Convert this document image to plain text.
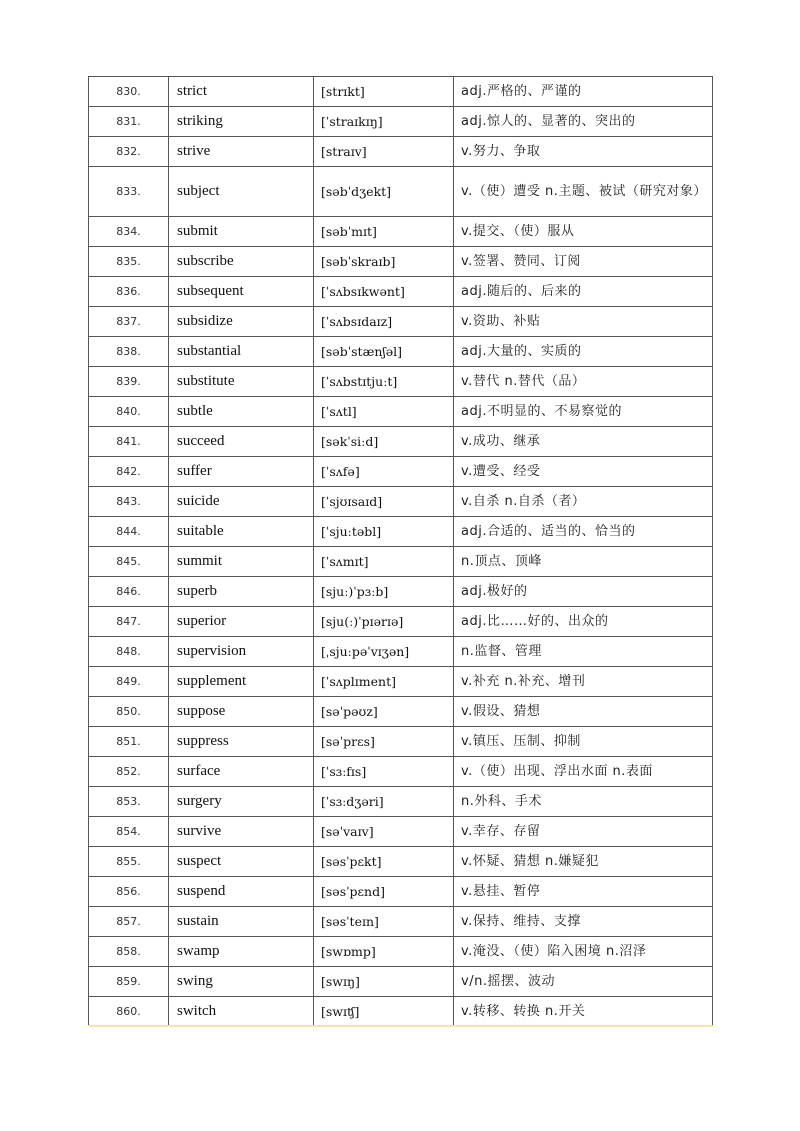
830.	strict	[strɪkt]	adj.严格的、严谨的
831.	striking	[ˈstraɪkɪŋ]	adj.惊人的、显著的、突出的
832.	strive	[straɪv]	v.努力、争取
833.	subject	[səbˈdʒekt]	v.（使）遭受 n.主题、被试（研究对象）
834.	submit	[səbˈmɪt]	v.提交、（使）服从
835.	subscribe	[səbˈskraɪb]	v.签署、赞同、订阅
836.	subsequent	[ˈsʌbsɪkwənt]	adj.随后的、后来的
837.	subsidize	[ˈsʌbsɪdaɪz]	v.资助、补贴
838.	substantial	[səbˈstænʃəl]	adj.大量的、实质的
839.	substitute	[ˈsʌbstɪtjuːt]	v.替代 n.替代（品）
840.	subtle	[ˈsʌtl]	adj.不明显的、不易察觉的
841.	succeed	[səkˈsiːd]	v.成功、继承
842.	suffer	[ˈsʌfə]	v.遭受、经受
843.	suicide	[ˈsjʊɪsaɪd]	v.自杀 n.自杀（者）
844.	suitable	[ˈsjuːtəbl]	adj.合适的、适当的、恰当的
845.	summit	[ˈsʌmɪt]	n.顶点、顶峰
846.	superb	[sjuː)ˈpɜːb]	adj.极好的
847.	superior	[sju(ː)ˈpɪərɪə]	adj.比……好的、出众的
848.	supervision	[ˌsjuːpəˈvɪʒən]	n.监督、管理
849.	supplement	[ˈsʌplɪment]	v.补充 n.补充、增刊
850.	suppose	[səˈpəʊz]	v.假设、猜想
851.	suppress	[səˈprɛs]	v.镇压、压制、抑制
852.	surface	[ˈsɜːfɪs]	v.（使）出现、浮出水面 n.表面
853.	surgery	[ˈsɜːdʒəri]	n.外科、手术
854.	survive	[səˈvaɪv]	v.幸存、存留
855.	suspect	[səsˈpɛkt]	v.怀疑、猜想 n.嫌疑犯
856.	suspend	[səsˈpɛnd]	v.悬挂、暂停
857.	sustain	[səsˈteɪn]	v.保持、维持、支撑
858.	swamp	[swɒmp]	v.淹没、（使）陷入困境 n.沼泽
859.	swing	[swɪŋ]	v/n.摇摆、波动
860.	switch	[swɪʧ]	v.转移、转换 n.开关
